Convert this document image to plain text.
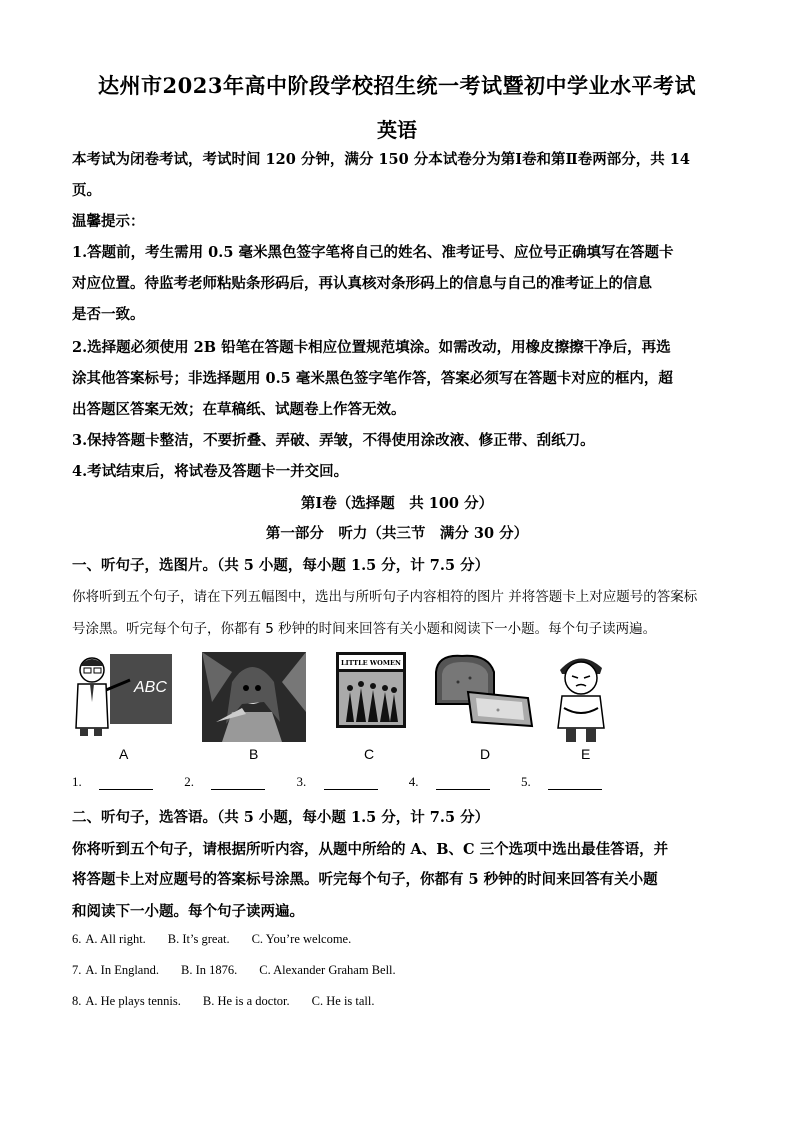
达州市2023年高中阶段学校招生统一考试暨初中学业水平考试
英语
本考试为闭卷考试，考试时间 120 分钟，满分 150 分本试卷分为第Ⅰ卷和第Ⅱ卷两部分，共 14
页。
温馨提示：
1.答题前，考生需用 0.5 毫米黑色签字笔将自己的姓名、准考证号、应位号正确填写在答题卡
对应位置。待监考老师粘贴条形码后，再认真核对条形码上的信息与自己的准考证上的信息
是否一致。
2.选择题必须使用 2B 铅笔在答题卡相应位置规范填涂。如需改动，用橡皮擦擦干净后，再选
涂其他答案标号；非选择题用 0.5 毫米黑色签字笔作答，答案必须写在答题卡对应的框内，超
出答题区答案无效；在草稿纸、试题卷上作答无效。
3.保持答题卡整洁，不要折叠、弄破、弄皱，不得使用涂改液、修正带、刮纸刀。
4.考试结束后，将试卷及答题卡一并交回。
第Ⅰ卷（选择题　共 100 分）
第一部分　听力（共三节　满分 30 分）
一、听句子，选图片。（共 5 小题，每小题 1.5 分，计 7.5 分）
你将听到五个句子，请在下列五幅图中，选出与所听句子内容相符的图片 并将答题卡上对应题号的答案标
号涂黑。听完每个句子，你都有 5 秒钟的时间来回答有关小题和阅读下一小题。每个句子读两遍。
ABC
LITTLE WOMEN
A	B	C	D	E
1.	2.	3.	4.	5.
二、听句子，选答语。（共 5 小题，每小题 1.5 分，计 7.5 分）
你将听到五个句子，请根据所听内容，从题中所给的 A、B、C 三个选项中选出最佳答语，并
将答题卡上对应题号的答案标号涂黑。听完每个句子，你都有 5 秒钟的时间来回答有关小题
和阅读下一小题。每个句子读两遍。
6. A. All right. B. It’s great. C. You’re welcome.
7. A. In England. B. In 1876. C. Alexander Graham Bell.
8. A. He plays tennis. B. He is a doctor. C. He is tall.
